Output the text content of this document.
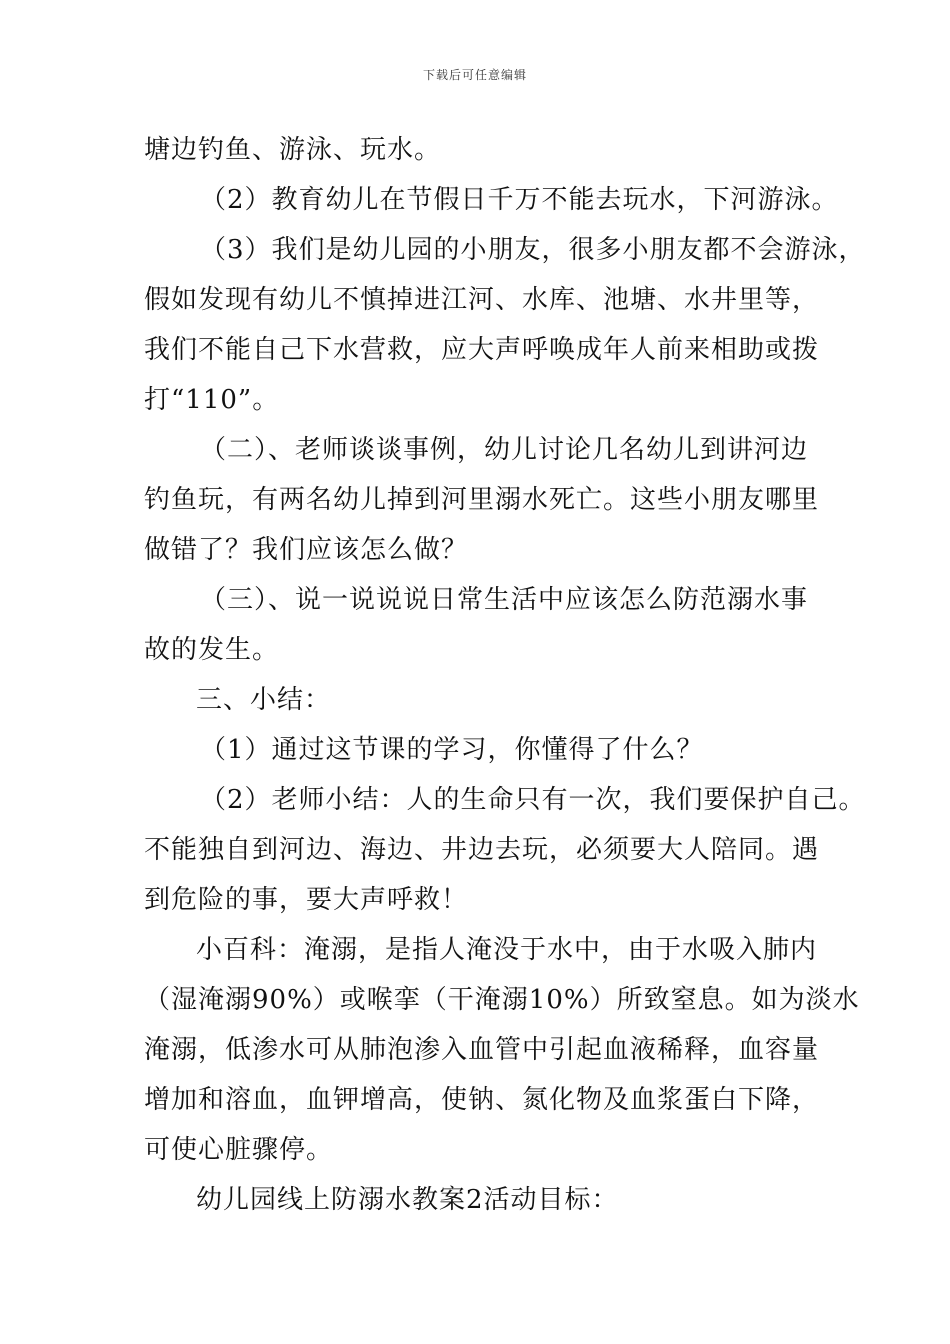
下载后可任意编辑
塘边钓鱼、游泳、玩水。
（2）教育幼儿在节假日千万不能去玩水，下河游泳。
（3）我们是幼儿园的小朋友，很多小朋友都不会游泳，
假如发现有幼儿不慎掉进江河、水库、池塘、水井里等，
我们不能自己下水营救，应大声呼唤成年人前来相助或拨
打“110”。
（二）、老师谈谈事例，幼儿讨论几名幼儿到讲河边
钓鱼玩，有两名幼儿掉到河里溺水死亡。这些小朋友哪里
做错了？我们应该怎么做？
（三）、说一说说说日常生活中应该怎么防范溺水事
故的发生。
三、小结：
（1）通过这节课的学习，你懂得了什么？
（2）老师小结：人的生命只有一次，我们要保护自己。
不能独自到河边、海边、井边去玩，必须要大人陪同。遇
到危险的事，要大声呼救！
小百科：淹溺，是指人淹没于水中，由于水吸入肺内
（湿淹溺90%）或喉挛（干淹溺10%）所致窒息。如为淡水
淹溺，低渗水可从肺泡渗入血管中引起血液稀释，血容量
增加和溶血，血钾增高，使钠、氮化物及血浆蛋白下降，
可使心脏骤停。
幼儿园线上防溺水教案2活动目标：
